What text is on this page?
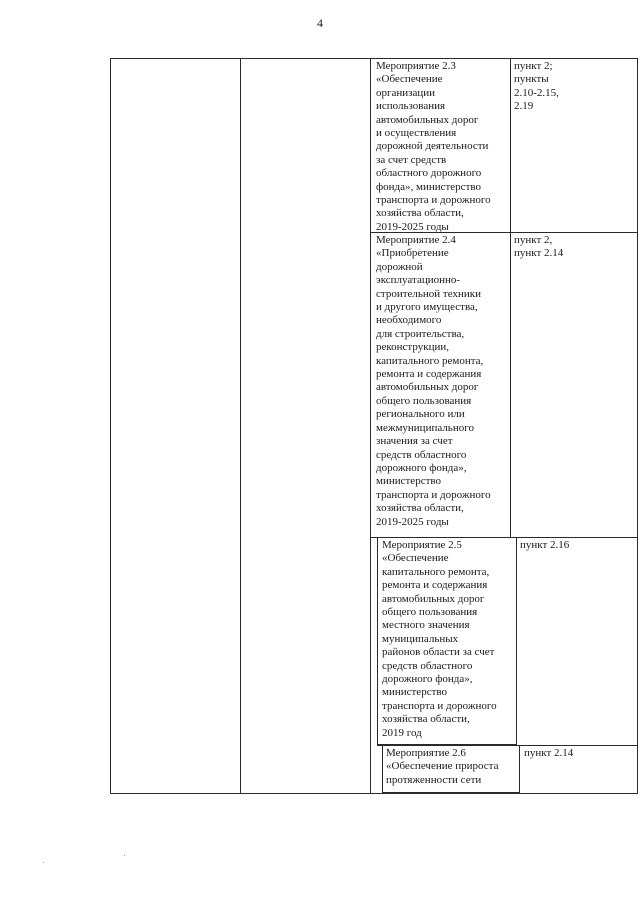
4
Мероприятие 2.3
«Обеспечение
организации
использования
автомобильных дорог
и осуществления
дорожной деятельности
за счет средств
областного дорожного
фонда», министерство
транспорта и дорожного
хозяйства области,
2019-2025 годы
пункт 2;
пункты
2.10-2.15,
2.19
Мероприятие 2.4
«Приобретение
дорожной
эксплуатационно-
строительной техники
и другого имущества,
необходимого
для строительства,
реконструкции,
капитального ремонта,
ремонта и содержания
автомобильных дорог
общего пользования
регионального или
межмуниципального
значения за счет
средств областного
дорожного фонда»,
министерство
транспорта и дорожного
хозяйства области,
2019-2025 годы
пункт 2,
пункт 2.14
Мероприятие 2.5
«Обеспечение
капитального ремонта,
ремонта и содержания
автомобильных дорог
общего пользования
местного значения
муниципальных
районов области за счет
средств областного
дорожного фонда»,
министерство
транспорта и дорожного
хозяйства области,
2019 год
пункт 2.16
Мероприятие 2.6
«Обеспечение прироста
протяженности сети
пункт 2.14
